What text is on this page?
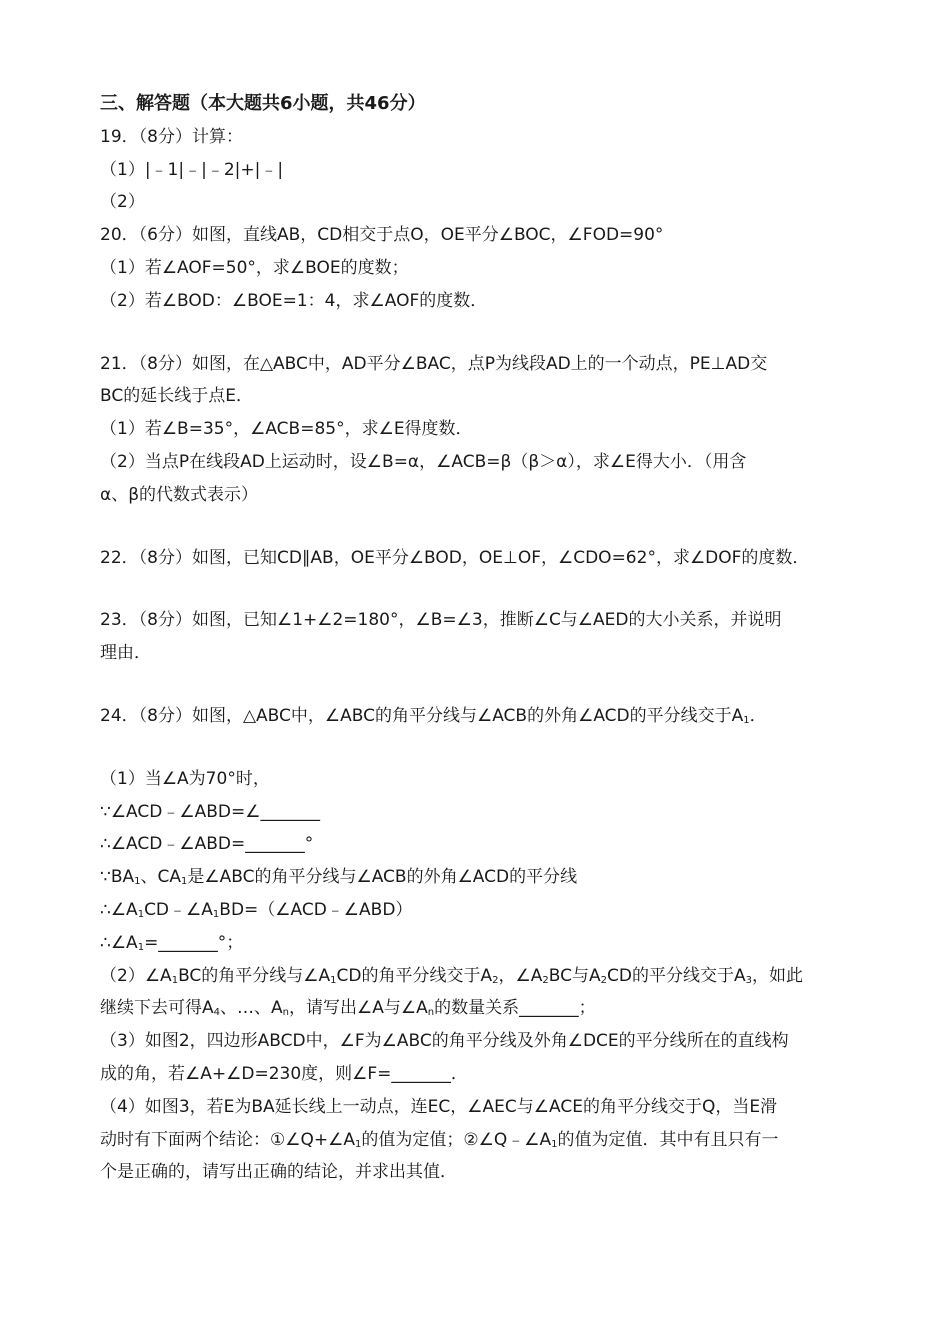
三、解答题（本大题共6小题，共46分）
19．（8分）计算：
（1）|﹣1|﹣|﹣2|+|﹣|
（2）
20．（6分）如图，直线AB，CD相交于点O，OE平分∠BOC，∠FOD=90°
（1）若∠AOF=50°，求∠BOE的度数；
（2）若∠BOD：∠BOE=1：4，求∠AOF的度数．
21．（8分）如图，在△ABC中，AD平分∠BAC，点P为线段AD上的一个动点，PE⊥AD交
BC的延长线于点E．
（1）若∠B=35°，∠ACB=85°，求∠E得度数．
（2）当点P在线段AD上运动时，设∠B=α，∠ACB=β（β＞α），求∠E得大小．（用含
α、β的代数式表示）
22．（8分）如图，已知CD∥AB，OE平分∠BOD，OE⊥OF，∠CDO=62°，求∠DOF的度数．
23．（8分）如图，已知∠1+∠2=180°，∠B=∠3，推断∠C与∠AED的大小关系，并说明
理由．
24．（8分）如图，△ABC中，∠ABC的角平分线与∠ACB的外角∠ACD的平分线交于$A_1$．
（1）当∠A为70°时，
∵∠ACD﹣∠ABD=∠_______
∴∠ACD﹣∠ABD=_______°
$\because BA_1$、$CA_1$是∠ABC的角平分线与∠ACB的外角∠ACD的平分线
$\therefore\angle A_1CD﹣\angle A_1BD=(\angle ACD﹣\angle ABD)$
$\therefore\angle A_1=\_\_\_\_\_\_\_^\circ$；
$(2)\angle A_1BC$的角平分线与$\angle A_1CD$的角平分线交于$A_2$，$\angle A_2BC$与$A_2CD$的平分线交于$A_3$，如此
继续下去可得$A_4$、…、$A_n$，请写出∠A与$\angle A_n$的数量关系_______；
（3）如图2，四边形ABCD中，∠F为∠ABC的角平分线及外角∠DCE的平分线所在的直线构
成的角，若∠A+∠D=230度，则∠F=_______．
（4）如图3，若E为BA延长线上一动点，连EC，∠AEC与∠ACE的角平分线交于Q，当E滑
动时有下面两个结论：$①\angle Q+\angle A_1$的值为定值；$②\angle Q﹣\angle A_1$的值为定值．其中有且只有一
个是正确的，请写出正确的结论，并求出其值．
